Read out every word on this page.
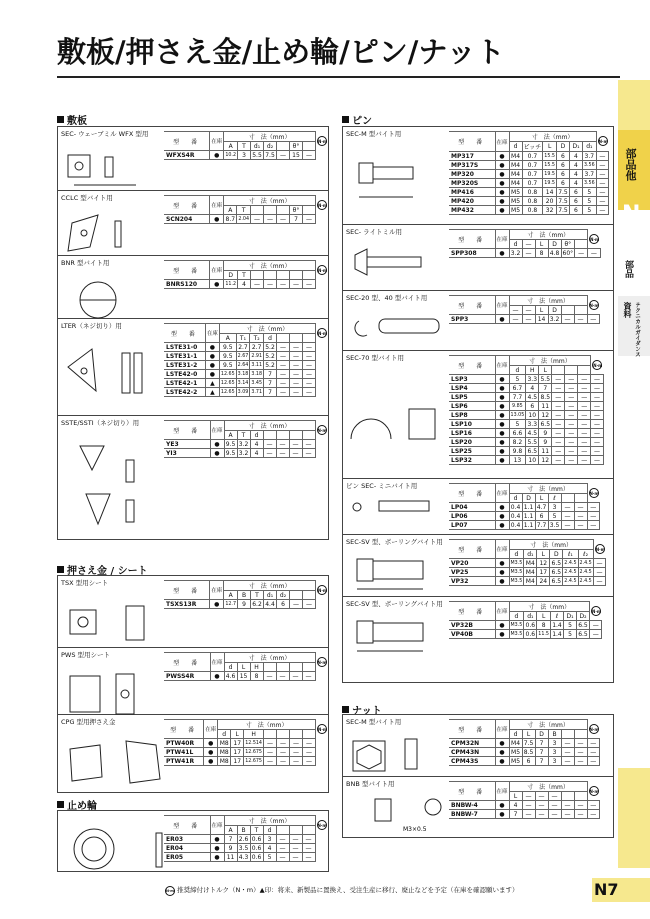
敷板/押さえ金/止め輪/ピン/ナット
部品他
N
部品
資料 テクニカルガイダンス
敷板
押さえ金 / シート
止め輪
ピン
ナット
SEC- ウェーブミル WFX 型用
型　番	在庫	寸　法（mm）							N·m
		A	T	d₁	d₂		θ°		
WFXS4R	●	10.2	3	5.5	7.5	—	15	—	
CCLC 型バイト用
型　番	在庫	寸　法（mm）							N·m
		A	T				θ°		
SCN204	●	8.7	2.04	—	—	—	7	—	
BNR 型バイト用
型　番	在庫	寸　法（mm）							N·m
		D	T						
BNRS120	●	11.2	4	—	—	—	—	—	
LTER（ネジ切り）用
型　番	在庫	寸　法（mm）							N·m
		A	T₁	T₂	d				
LSTE31-0	●	9.5	2.7	2.7	5.2	—	—	—	
LSTE31-1	●	9.5	2.67	2.91	5.2	—	—	—	
LSTE31-2	●	9.5	2.64	3.11	5.2	—	—	—	
LSTE42-0	●	12.65	3.18	3.18	7	—	—	—	
LSTE42-1	▲	12.65	3.14	3.45	7	—	—	—	
LSTE42-2	▲	12.65	3.09	3.71	7	—	—	—	
SSTE/SSTI（ネジ切り）用
型　番	在庫	寸　法（mm）							N·m
		A	T	d					
YE3	●	9.5	3.2	4	—	—	—	—	
YI3	●	9.5	3.2	4	—	—	—	—	
TSX 型用シート
型　番	在庫	寸　法（mm）							N·m
		A	B	T	d₁	d₂			
TSXS13R	●	12.7	9	6.2	4.4	6	—	—	
PWS 型用シート
型　番	在庫	寸　法（mm）							N·m
		d	L	H					
PWSS4R	●	4.6	15	8	—	—	—	—	
CPG 型用押さえ金
型　番	在庫	寸　法（mm）							N·m
		d	L	H					
PTW40R	●	M8	17	12.514	—	—	—	—	
PTW41L	●	M8	17	12.675	—	—	—	—	
PTW41R	●	M8	17	12.675	—	—	—	—	
型　番	在庫	寸　法（mm）							N·m
		A	B	T	d				
ER03	●	7	2.6	0.6	3	—	—	—	
ER04	●	9	3.5	0.6	4	—	—	—	
ER05	●	11	4.3	0.6	5	—	—	—	
SEC-M 型バイト用
型　番	在庫	寸　法（mm）						N·m
		d	ピッチ	L	D	D₁	d₁	
MP317	●	M4	0.7	15.5	6	4	3.7	—
MP317S	●	M4	0.7	15.5	6	4	3.56	—
MP320	●	M4	0.7	19.5	6	4	3.7	—
MP320S	●	M4	0.7	19.5	6	4	3.56	—
MP416	●	M5	0.8	14	7.5	6	5	—
MP420	●	M5	0.8	20	7.5	6	5	—
MP432	●	M5	0.8	32	7.5	6	5	—
SEC- ライトミル用
型　番	在庫	寸　法（mm）						N·m
		d	—	L	D	θ°		
SPP308	●	3.2	—	8	4.8	60°	—	—
SEC-20 型、40 型バイト用
型　番	在庫	寸　法（mm）						N·m
		—	—	L	D			
SPP3	●	—	—	14	3.2	—	—	—
SEC-70 型バイト用
型　番	在庫	寸　法（mm）						N·m
		d	H	L				
LSP3	●	5	3.3	5.5	—	—	—	—
LSP4	●	6.7	4	7	—	—	—	—
LSP5	●	7.7	4.5	8.5	—	—	—	—
LSP6	●	9.85	6	11	—	—	—	—
LSP8	●	13.05	10	12	—	—	—	—
LSP10	●	5	3.3	6.5	—	—	—	—
LSP16	●	6.6	4.5	9	—	—	—	—
LSP20	●	8.2	5.5	9	—	—	—	—
LSP25	●	9.8	6.5	11	—	—	—	—
LSP32	●	13	10	12	—	—	—	—
ピン SEC- ミニバイト用
型　番	在庫	寸　法（mm）						N·m
		d	D	L	ℓ			
LP04	●	0.4	1.1	4.7	3	—	—	—
LP06	●	0.4	1.1	6	5	—	—	—
LP07	●	0.4	1.1	7.7	3.5	—	—	—
SEC-SV 型、ボーリングバイト用
型　番	在庫	寸　法（mm）						N·m
		d	d₁	L	D	ℓ₁	ℓ₂	
VP20	●	M3.5	M4	12	6.5	2.4.5	2.4.5	—
VP25	●	M3.5	M4	17	6.5	2.4.5	2.4.5	—
VP32	●	M3.5	M4	24	6.5	2.4.5	2.4.5	—
SEC-SV 型、ボーリングバイト用
型　番	在庫	寸　法（mm）						N·m
		d	d₁	L	ℓ	D₁	D₂	
VP32B	●	M3.5	0.6	8	1.4	5	6.5	—
VP40B	●	M3.5	0.6	11.5	1.4	5	6.5	—
SEC-M 型バイト用
型　番	在庫	寸　法（mm）						N·m
		d	L	D	B			
CPM32N	●	M4	7.5	7	3	—	—	—
CPM43N	●	M5	8.5	7	3	—	—	—
CPM43S	●	M5	6	7	3	—	—	—
BNB 型バイト用
M3×0.5
型　番	在庫	寸　法（mm）						N·m
		L	—	—	—			
BNBW-4	●	4	—	—	—	—	—	—
BNBW-7	●	7	—	—	—	—	—	—
N7
N·m 推奨締付けトルク（N・m）▲印：将来、新製品に置換え、受注生産に移行、廃止などを予定（在庫を確認願います）
